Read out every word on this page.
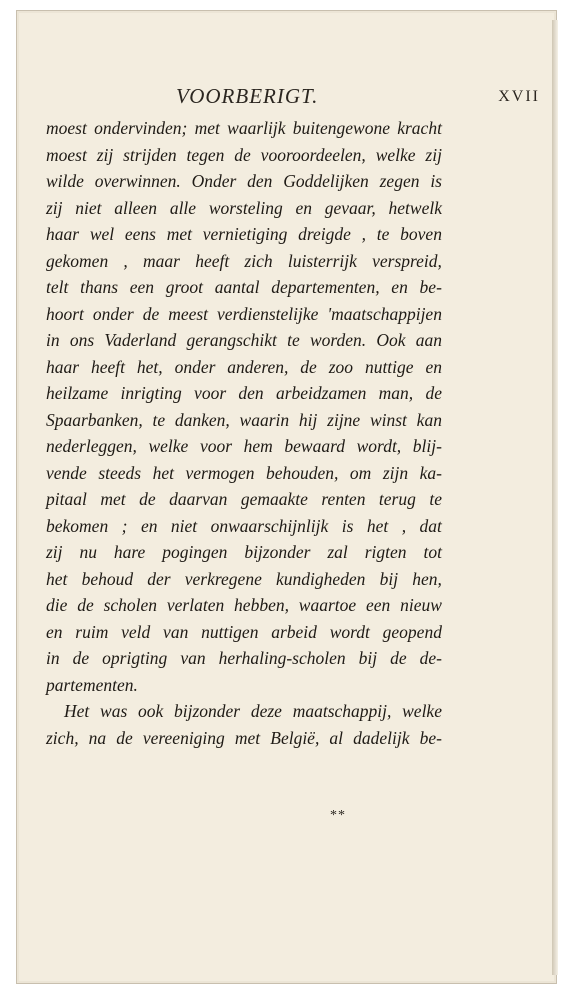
VOORBERIGT.	XVII
moest ondervinden; met waarlijk buitengewone kracht
moest zij strijden tegen de vooroordeelen, welke zij
wilde overwinnen. Onder den Goddelijken zegen is
zij niet alleen alle worsteling en gevaar, hetwelk
haar wel eens met vernietiging dreigde , te boven
gekomen , maar heeft zich luisterrijk verspreid,
telt thans een groot aantal departementen, en be-
hoort onder de meest verdienstelijke 'maatschappijen
in ons Vaderland gerangschikt te worden. Ook aan
haar heeft het, onder anderen, de zoo nuttige en
heilzame inrigting voor den arbeidzamen man, de
Spaarbanken, te danken, waarin hij zijne winst kan
nederleggen, welke voor hem bewaard wordt, blij-
vende steeds het vermogen behouden, om zijn ka-
pitaal met de daarvan gemaakte renten terug te
bekomen ; en niet onwaarschijnlijk is het , dat
zij nu hare pogingen bijzonder zal rigten tot
het behoud der verkregene kundigheden bij hen,
die de scholen verlaten hebben, waartoe een nieuw
en ruim veld van nuttigen arbeid wordt geopend
in de oprigting van herhaling-scholen bij de de-
partementen.
Het was ook bijzonder deze maatschappij, welke
zich, na de vereeniging met België, al dadelijk be-
**
